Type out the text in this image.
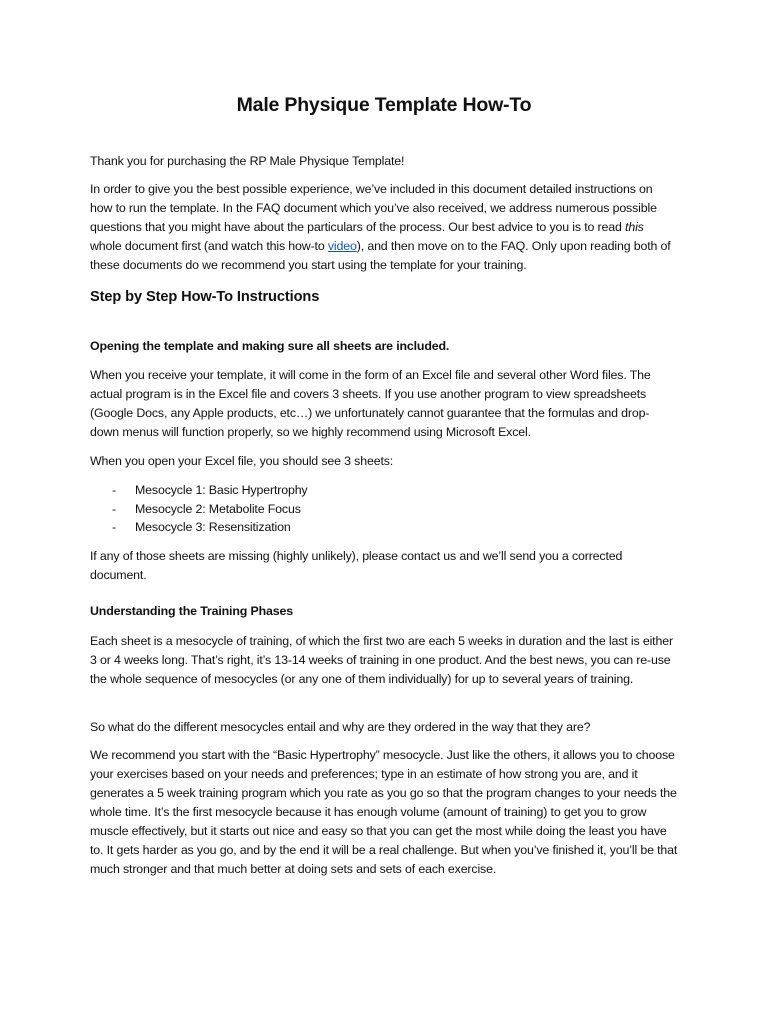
Male Physique Template How-To

Thank you for purchasing the RP Male Physique Template!

In order to give you the best possible experience, we’ve included in this document detailed instructions on how to run the template. In the FAQ document which you’ve also received, we address numerous possible questions that you might have about the particulars of the process. Our best advice to you is to read this whole document first (and watch this how-to video), and then move on to the FAQ. Only upon reading both of these documents do we recommend you start using the template for your training.

Step by Step How-To Instructions
Opening the template and making sure all sheets are included.

When you receive your template, it will come in the form of an Excel file and several other Word files. The actual program is in the Excel file and covers 3 sheets. If you use another program to view spreadsheets (Google Docs, any Apple products, etc…) we unfortunately cannot guarantee that the formulas and drop-down menus will function properly, so we highly recommend using Microsoft Excel.

When you open your Excel file, you should see 3 sheets:

- Mesocycle 1: Basic Hypertrophy
- Mesocycle 2: Metabolite Focus
- Mesocycle 3: Resensitization

If any of those sheets are missing (highly unlikely), please contact us and we’ll send you a corrected document.

Understanding the Training Phases

Each sheet is a mesocycle of training, of which the first two are each 5 weeks in duration and the last is either 3 or 4 weeks long. That’s right, it’s 13-14 weeks of training in one product. And the best news, you can re-use the whole sequence of mesocycles (or any one of them individually) for up to several years of training.

So what do the different mesocycles entail and why are they ordered in the way that they are?

We recommend you start with the “Basic Hypertrophy” mesocycle. Just like the others, it allows you to choose your exercises based on your needs and preferences; type in an estimate of how strong you are, and it generates a 5 week training program which you rate as you go so that the program changes to your needs the whole time. It’s the first mesocycle because it has enough volume (amount of training) to get you to grow muscle effectively, but it starts out nice and easy so that you can get the most while doing the least you have to. It gets harder as you go, and by the end it will be a real challenge. But when you’ve finished it, you’ll be that much stronger and that much better at doing sets and sets of each exercise.
